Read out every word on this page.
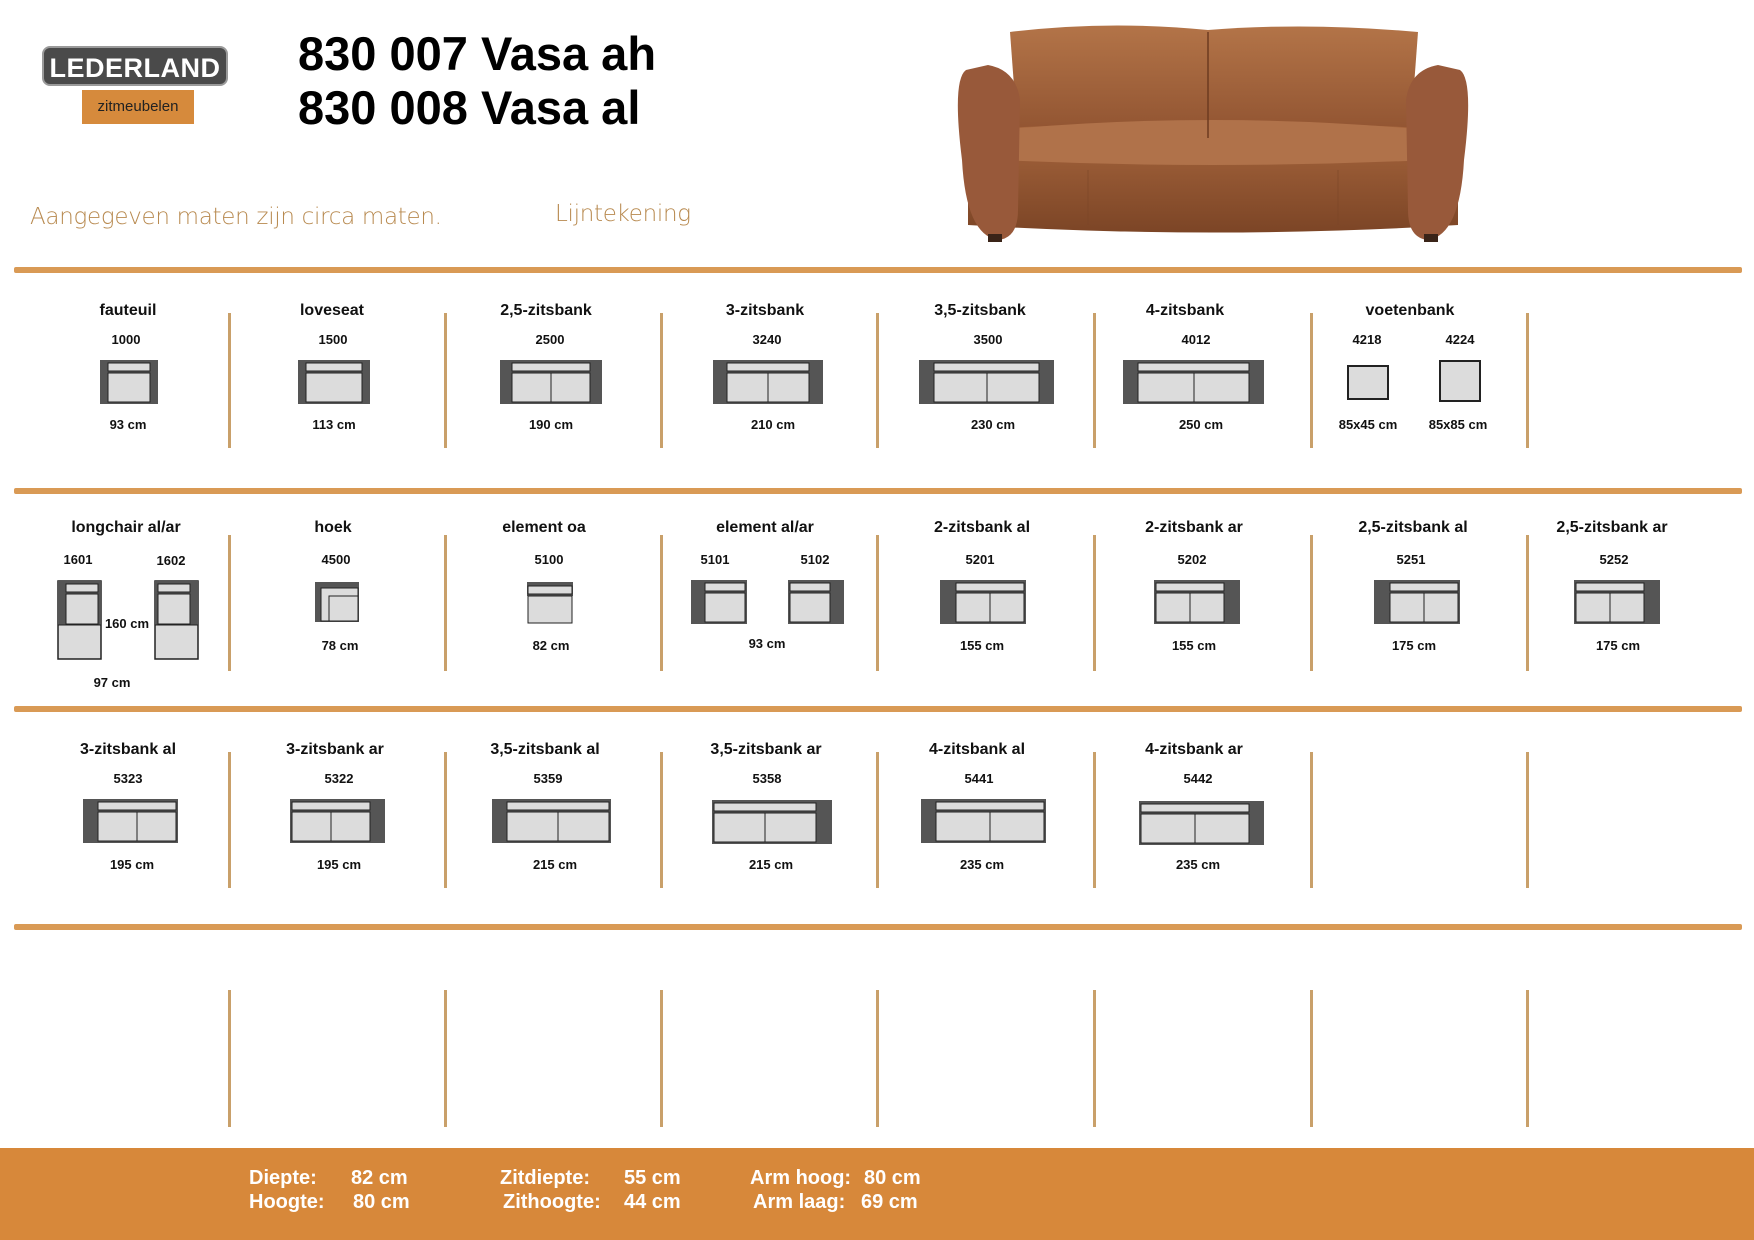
LEDERLAND
zitmeubelen
830 007 Vasa ah
830 008 Vasa al
Aangegeven maten zijn circa maten.	Lijntekening
fauteuil
1000
93 cm
loveseat
1500
113 cm
2,5-zitsbank
2500
190 cm
3-zitsbank
3240
210 cm
3,5-zitsbank
3500
230 cm
4-zitsbank
4012
250 cm
voetenbank
4218	4224
85x45 cm	85x85 cm
longchair al/ar
1601	1602
160 cm
97 cm
hoek
4500
78 cm
element oa
5100
82 cm
element al/ar
5101	5102
93 cm
2-zitsbank al
5201
155 cm
2-zitsbank ar
5202
155 cm
2,5-zitsbank al
5251
175 cm
2,5-zitsbank ar
5252
175 cm
3-zitsbank al
5323
195 cm
3-zitsbank ar
5322
195 cm
3,5-zitsbank al
5359
215 cm
3,5-zitsbank ar
5358
215 cm
4-zitsbank al
5441
235 cm
4-zitsbank ar
5442
235 cm
Diepte: 82 cm
Hoogte: 80 cm
Zitdiepte: 55 cm
Zithoogte: 44 cm
Arm hoog: 80 cm
Arm laag: 69 cm
